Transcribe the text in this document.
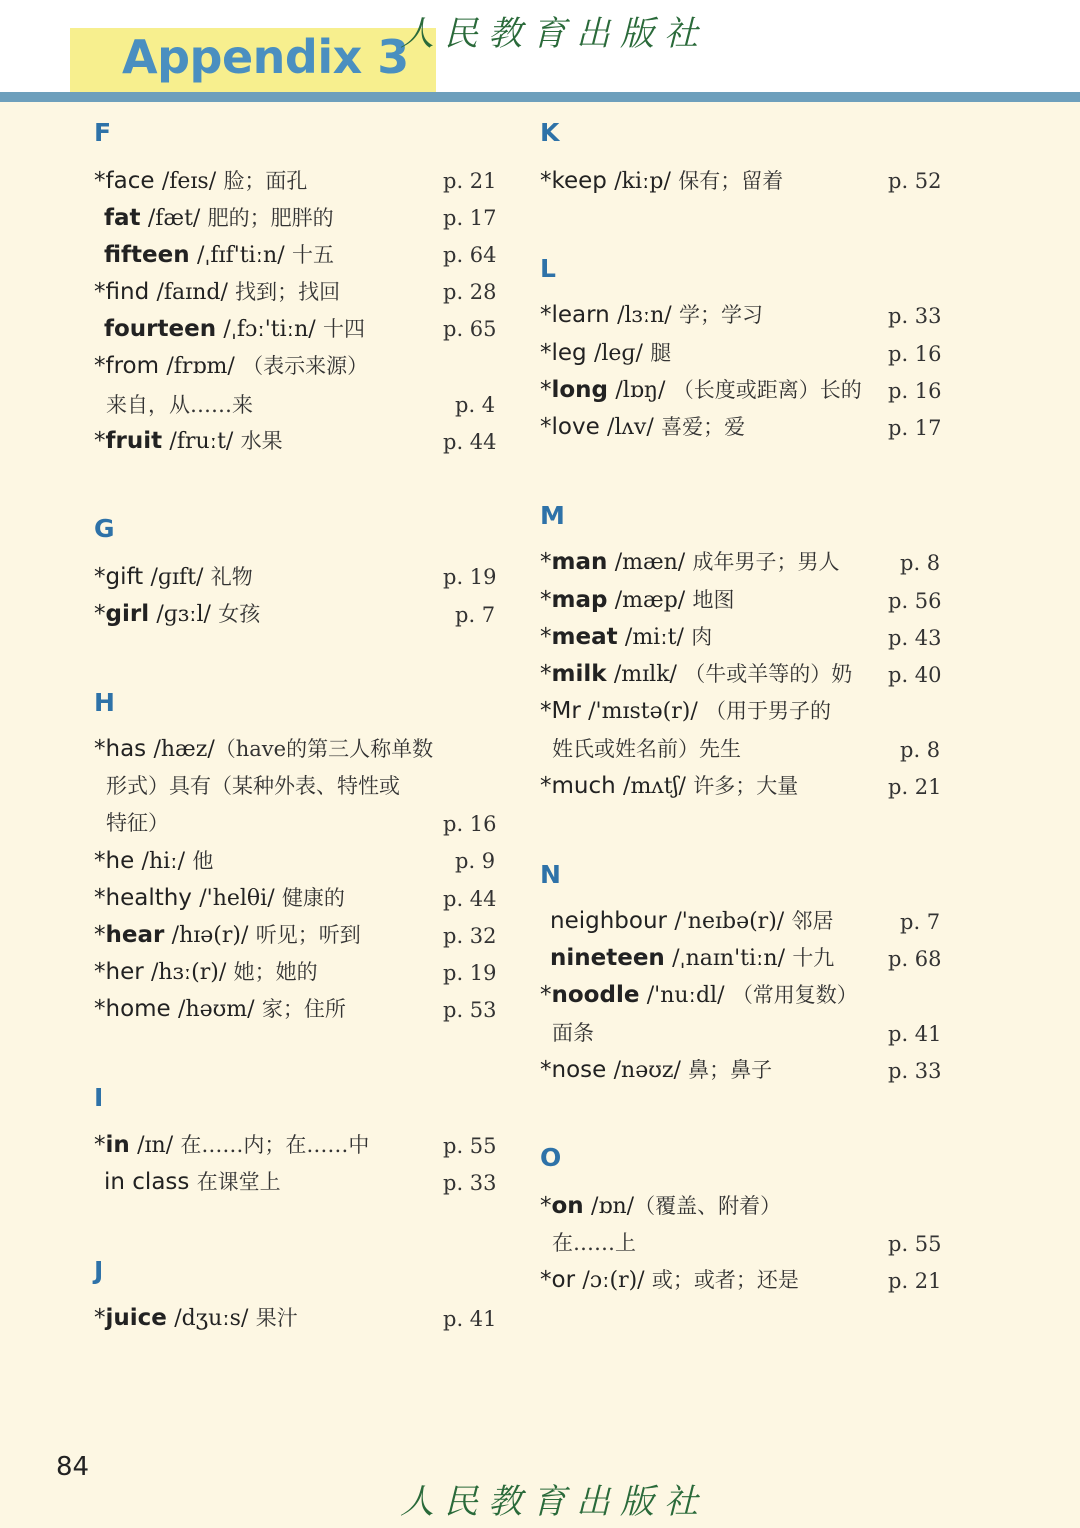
Appendix 3
人民教育出版社
F
*face /feɪs/ 脸；面孔	p. 21
fat /fæt/ 肥的；肥胖的	p. 17
fifteen /ˌfɪf'tiːn/ 十五	p. 64
*find /faɪnd/ 找到；找回	p. 28
fourteen /ˌfɔː'tiːn/ 十四	p. 65
*from /frɒm/ （表示来源）
来自，从……来	p. 4
*fruit /fruːt/ 水果	p. 44
G
*gift /ɡɪft/ 礼物	p. 19
*girl /ɡɜːl/ 女孩	p. 7
H
*has /hæz/（have的第三人称单数
形式）具有（某种外表、特性或
特征）	p. 16
*he /hiː/ 他	p. 9
*healthy /'helθi/ 健康的	p. 44
*hear /hɪə(r)/ 听见；听到	p. 32
*her /hɜː(r)/ 她；她的	p. 19
*home /həʊm/ 家；住所	p. 53
I
*in /ɪn/ 在……内；在……中	p. 55
in class 在课堂上	p. 33
J
*juice /dʒuːs/ 果汁	p. 41
K
*keep /kiːp/ 保有；留着	p. 52
L
*learn /lɜːn/ 学；学习	p. 33
*leg /leɡ/ 腿	p. 16
*long /lɒŋ/ （长度或距离）长的 p. 16
*love /lʌv/ 喜爱；爱	p. 17
M
*man /mæn/ 成年男子；男人	p. 8
*map /mæp/ 地图	p. 56
*meat /miːt/ 肉	p. 43
*milk /mɪlk/ （牛或羊等的）奶 p. 40
*Mr /'mɪstə(r)/ （用于男子的
姓氏或姓名前）先生	p. 8
*much /mʌtʃ/ 许多；大量	p. 21
N
neighbour /'neɪbə(r)/ 邻居	p. 7
nineteen /ˌnaɪn'tiːn/ 十九	p. 68
*noodle /'nuːdl/ （常用复数）
面条	p. 41
*nose /nəʊz/ 鼻；鼻子	p. 33
O
*on /ɒn/（覆盖、附着）
在……上	p. 55
*or /ɔː(r)/ 或；或者；还是	p. 21
84
人民教育出版社
